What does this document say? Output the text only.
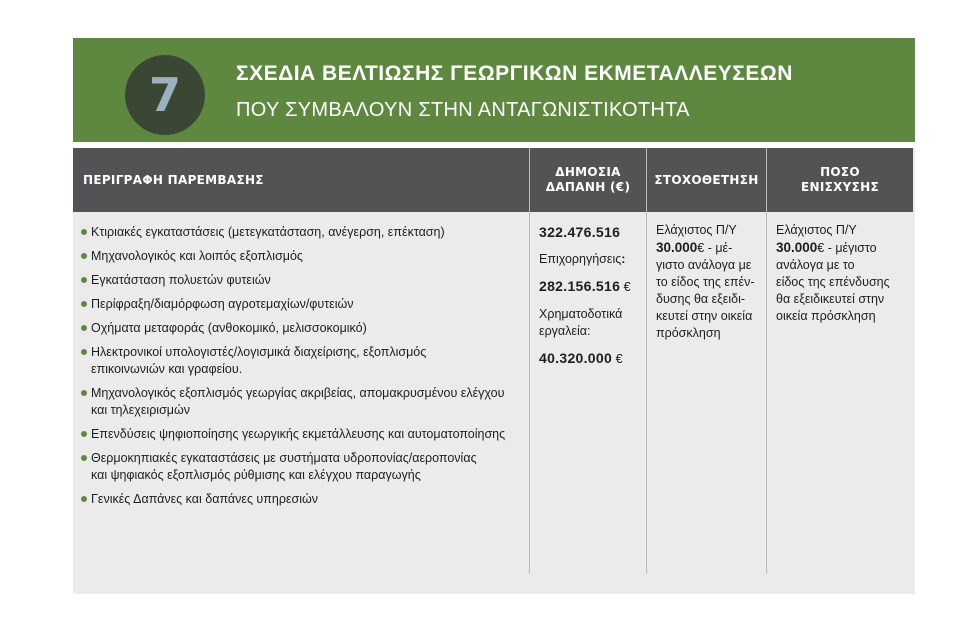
7	ΣΧΕΔΙΑ ΒΕΛΤΙΩΣΗΣ ΓΕΩΡΓΙΚΩΝ ΕΚΜΕΤΑΛΛΕΥΣΕΩΝ
ΠΟΥ ΣΥΜΒΑΛΟΥΝ ΣΤΗΝ ΑΝΤΑΓΩΝΙΣΤΙΚΟΤΗΤΑ
ΠΕΡΙΓΡΑΦΗ ΠΑΡΕΜΒΑΣΗΣ
ΔΗΜΟΣΙΑ
ΔΑΠΑΝΗ (€)
ΣΤΟΧΟΘΕΤΗΣΗ
ΠΟΣΟ
ΕΝΙΣΧΥΣΗΣ
Κτιριακές εγκαταστάσεις (μετεγκατάσταση, ανέγερση, επέκταση)
Μηχανολογικός και λοιπός εξοπλισμός
Εγκατάσταση πολυετών φυτειών
Περίφραξη/διαμόρφωση αγροτεμαχίων/φυτειών
Οχήματα μεταφοράς (ανθοκομικό, μελισσοκομικό)
Ηλεκτρονικοί υπολογιστές/λογισμικά διαχείρισης, εξοπλισμός
επικοινωνιών και γραφείου.
Μηχανολογικός εξοπλισμός γεωργίας ακριβείας, απομακρυσμένου ελέγχου
και τηλεχειρισμών
Επενδύσεις ψηφιοποίησης γεωργικής εκμετάλλευσης και αυτοματοποίησης
Θερμοκηπιακές εγκαταστάσεις με συστήματα υδροπονίας/αεροπονίας
και ψηφιακός εξοπλισμός ρύθμισης και ελέγχου παραγωγής
Γενικές Δαπάνες και δαπάνες υπηρεσιών

322.476.516

Επιχορηγήσεις:

282.156.516 €

Χρηματοδοτικά
εργαλεία:

40.320.000 €

Ελάχιστος Π/Υ
30.000€ - μέ-
γιστο ανάλογα με
το είδος της επέν-
δυσης θα εξειδι-
κευτεί στην οικεία
πρόσκληση
Ελάχιστος Π/Υ
30.000€ - μέγιστο
ανάλογα με το
είδος της επένδυσης
θα εξειδικευτεί στην
οικεία πρόσκληση
